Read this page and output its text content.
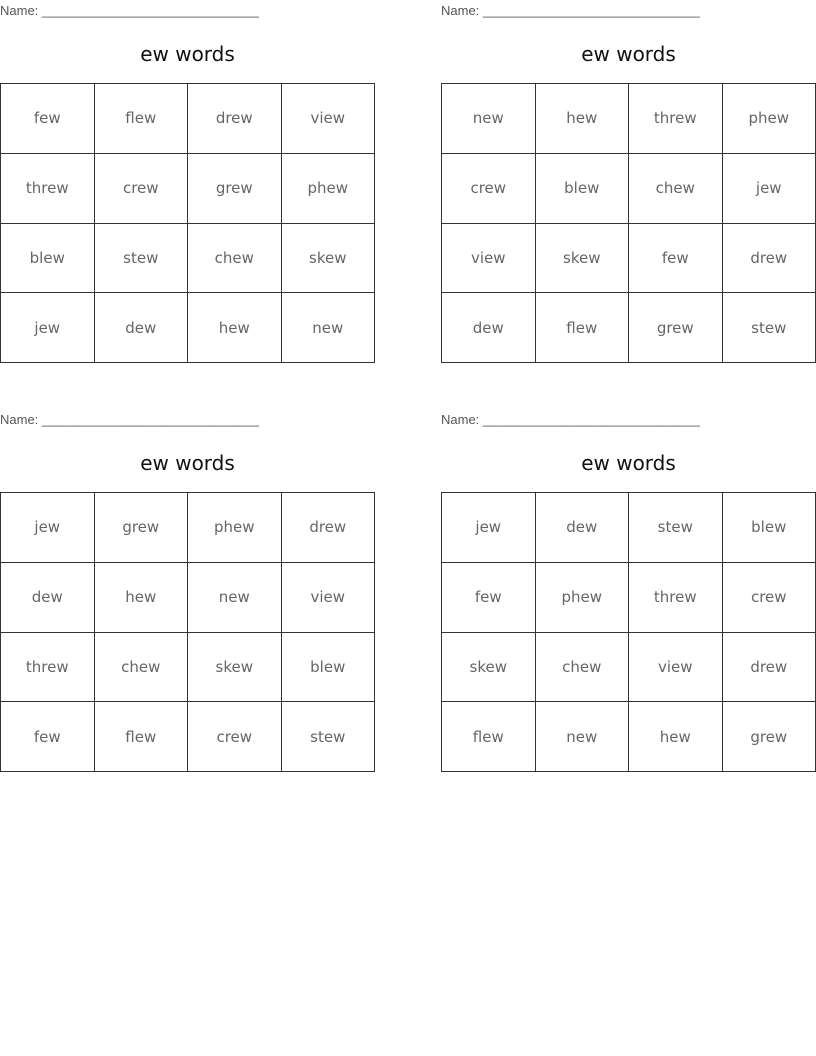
Name: ______________________________
ew words
few	flew	drew	view
threw	crew	grew	phew
blew	stew	chew	skew
jew	dew	hew	new
Name: ______________________________
ew words
new	hew	threw	phew
crew	blew	chew	jew
view	skew	few	drew
dew	flew	grew	stew
Name: ______________________________
ew words
jew	grew	phew	drew
dew	hew	new	view
threw	chew	skew	blew
few	flew	crew	stew
Name: ______________________________
ew words
jew	dew	stew	blew
few	phew	threw	crew
skew	chew	view	drew
flew	new	hew	grew
